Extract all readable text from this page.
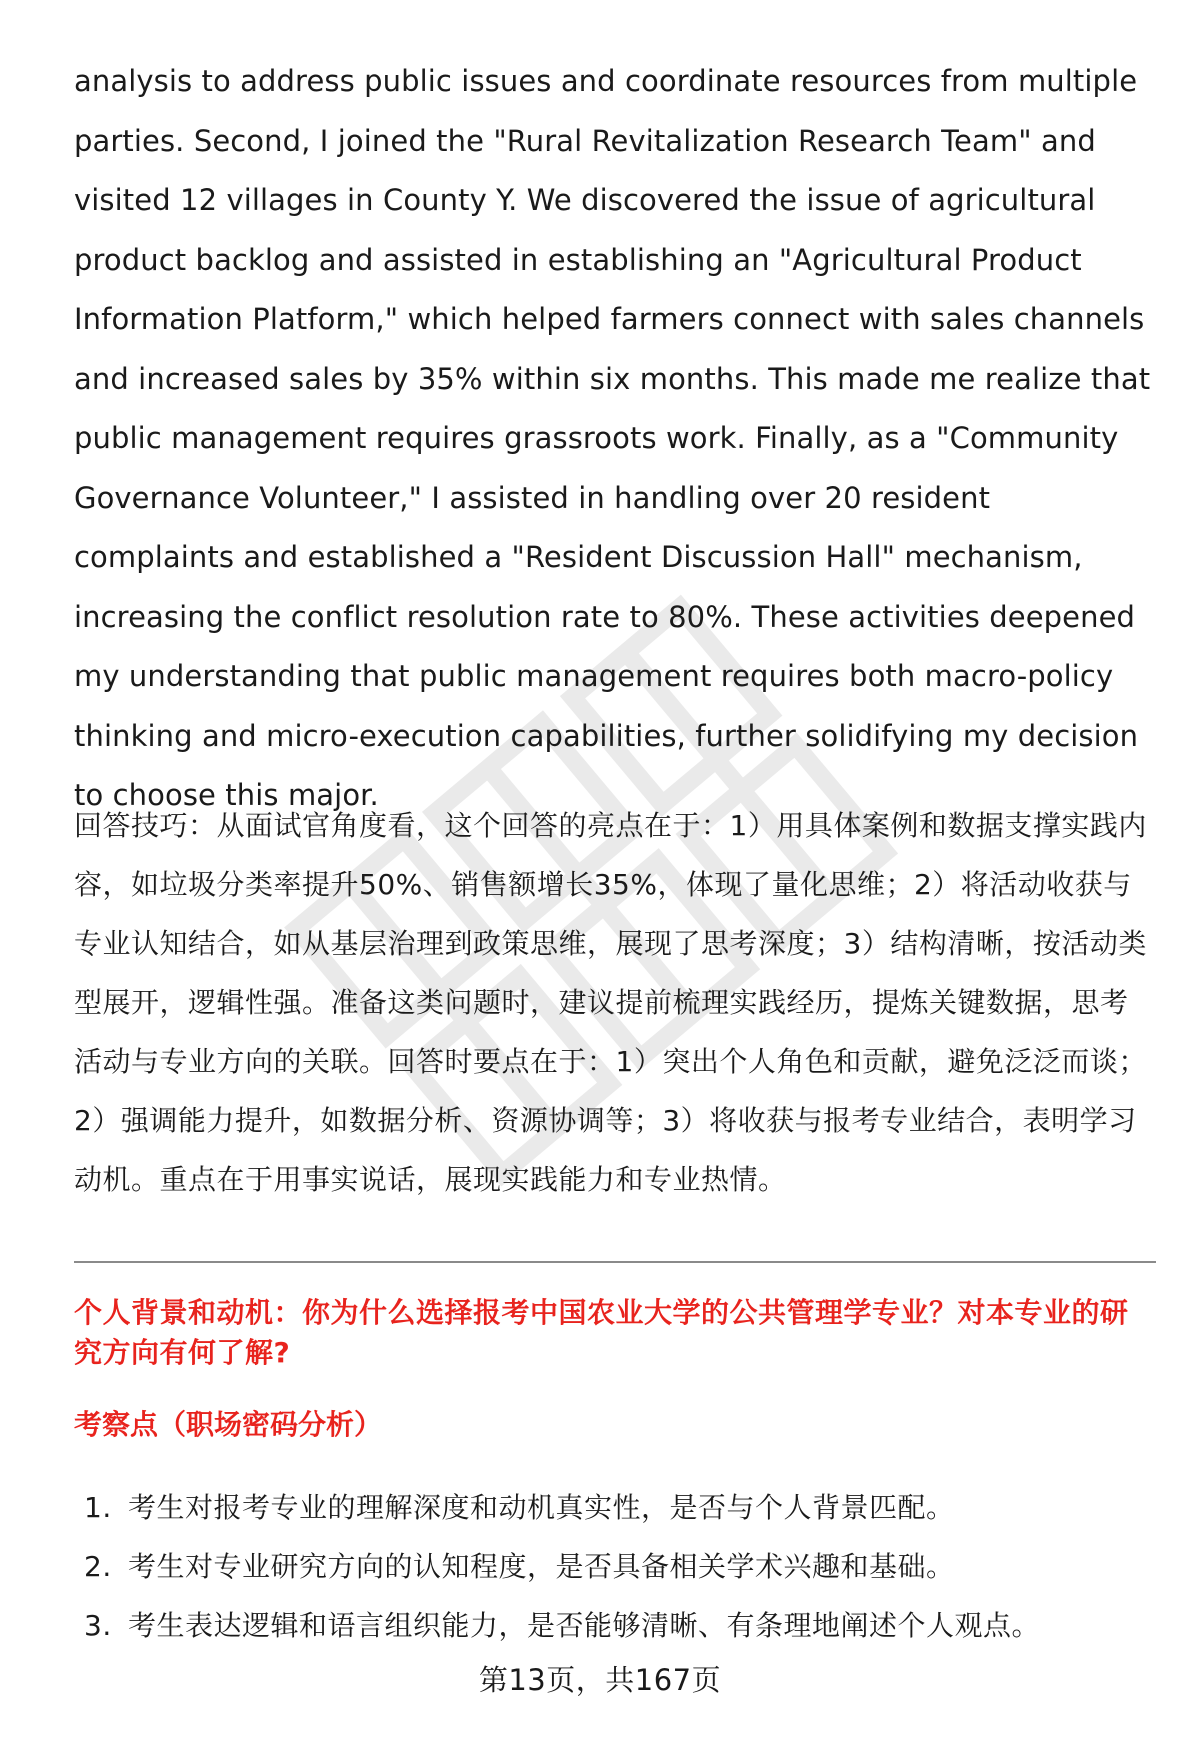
analysis to address public issues and coordinate resources from multiple parties. Second, I joined the "Rural Revitalization Research Team" and visited 12 villages in County Y. We discovered the issue of agricultural product backlog and assisted in establishing an "Agricultural Product Information Platform," which helped farmers connect with sales channels and increased sales by 35% within six months. This made me realize that public management requires grassroots work. Finally, as a "Community Governance Volunteer," I assisted in handling over 20 resident complaints and established a "Resident Discussion Hall" mechanism, increasing the conflict resolution rate to 80%. These activities deepened my understanding that public management requires both macro-policy thinking and micro-execution capabilities, further solidifying my decision to choose this major.
回答技巧：从面试官角度看，这个回答的亮点在于：1）用具体案例和数据支撑实践内容，如垃圾分类率提升50%、销售额增长35%，体现了量化思维；2）将活动收获与专业认知结合，如从基层治理到政策思维，展现了思考深度；3）结构清晰，按活动类型展开，逻辑性强。准备这类问题时，建议提前梳理实践经历，提炼关键数据，思考活动与专业方向的关联。回答时要点在于：1）突出个人角色和贡献，避免泛泛而谈；2）强调能力提升，如数据分析、资源协调等；3）将收获与报考专业结合，表明学习动机。重点在于用事实说话，展现实践能力和专业热情。
个人背景和动机：你为什么选择报考中国农业大学的公共管理学专业？对本专业的研究方向有何了解?
考察点（职场密码分析）
1. 考生对报考专业的理解深度和动机真实性，是否与个人背景匹配。
2. 考生对专业研究方向的认知程度，是否具备相关学术兴趣和基础。
3. 考生表达逻辑和语言组织能力，是否能够清晰、有条理地阐述个人观点。
第13页，共167页
